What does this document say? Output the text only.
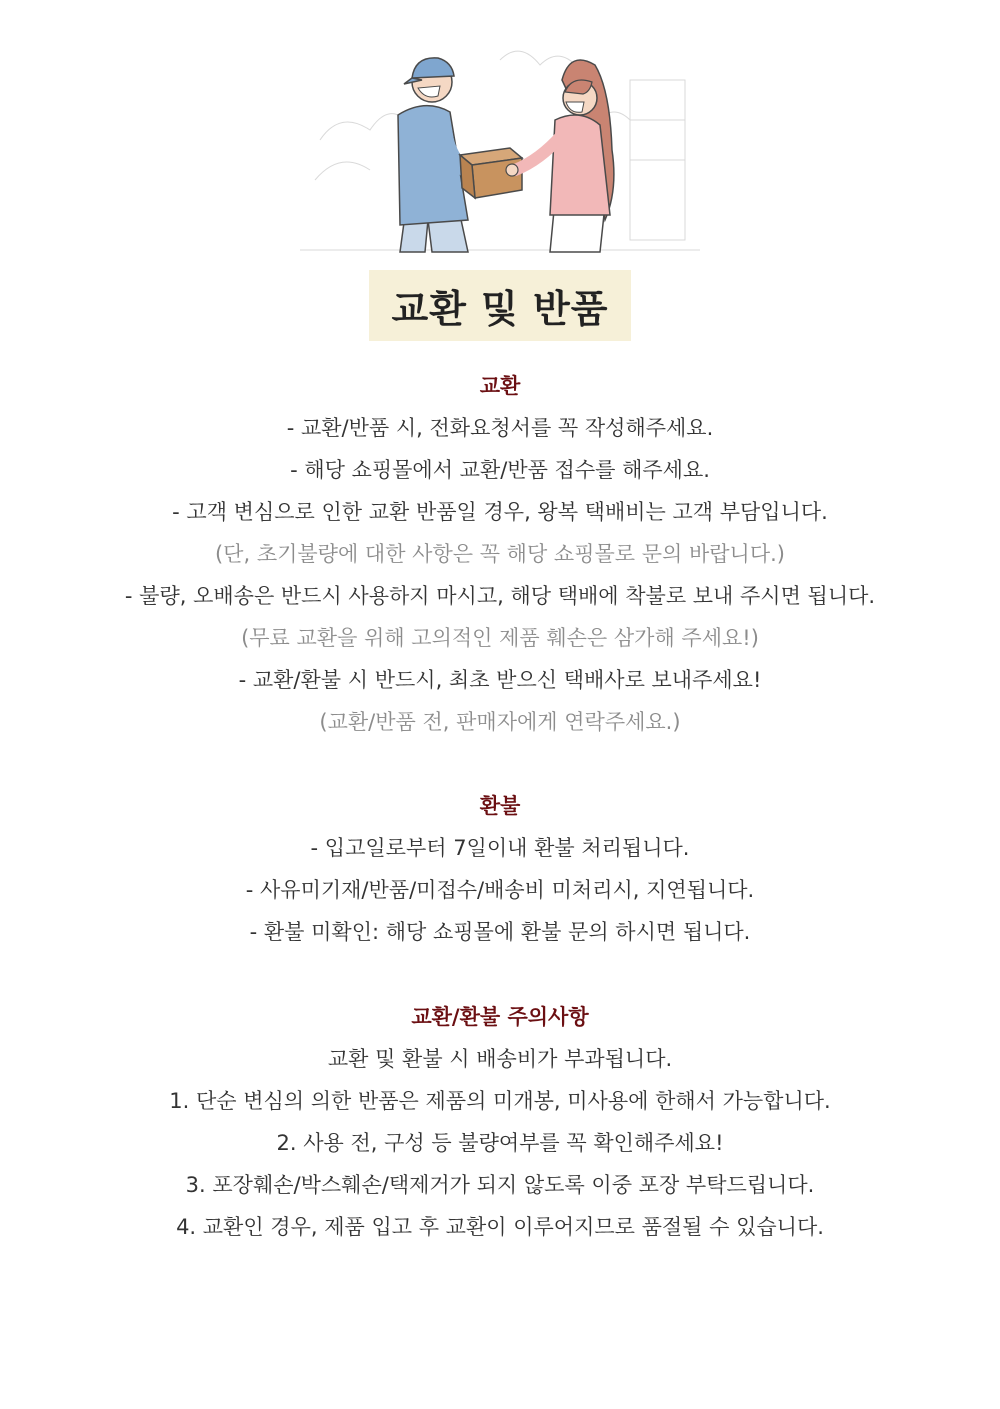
교환 및 반품
교환
- 교환/반품 시, 전화요청서를 꼭 작성해주세요.
- 해당 쇼핑몰에서 교환/반품 접수를 해주세요.
- 고객 변심으로 인한 교환 반품일 경우, 왕복 택배비는 고객 부담입니다.
(단, 초기불량에 대한 사항은 꼭 해당 쇼핑몰로 문의 바랍니다.)
- 불량, 오배송은 반드시 사용하지 마시고, 해당 택배에 착불로 보내 주시면 됩니다.
(무료 교환을 위해 고의적인 제품 훼손은 삼가해 주세요!)
- 교환/환불 시 반드시, 최초 받으신 택배사로 보내주세요!
(교환/반품 전, 판매자에게 연락주세요.)
환불
- 입고일로부터 7일이내 환불 처리됩니다.
- 사유미기재/반품/미접수/배송비 미처리시, 지연됩니다.
- 환불 미확인: 해당 쇼핑몰에 환불 문의 하시면 됩니다.
교환/환불 주의사항
교환 및 환불 시 배송비가 부과됩니다.
1. 단순 변심의 의한 반품은 제품의 미개봉, 미사용에 한해서 가능합니다.
2. 사용 전, 구성 등 불량여부를 꼭 확인해주세요!
3. 포장훼손/박스훼손/택제거가 되지 않도록 이중 포장 부탁드립니다.
4. 교환인 경우, 제품 입고 후 교환이 이루어지므로 품절될 수 있습니다.
